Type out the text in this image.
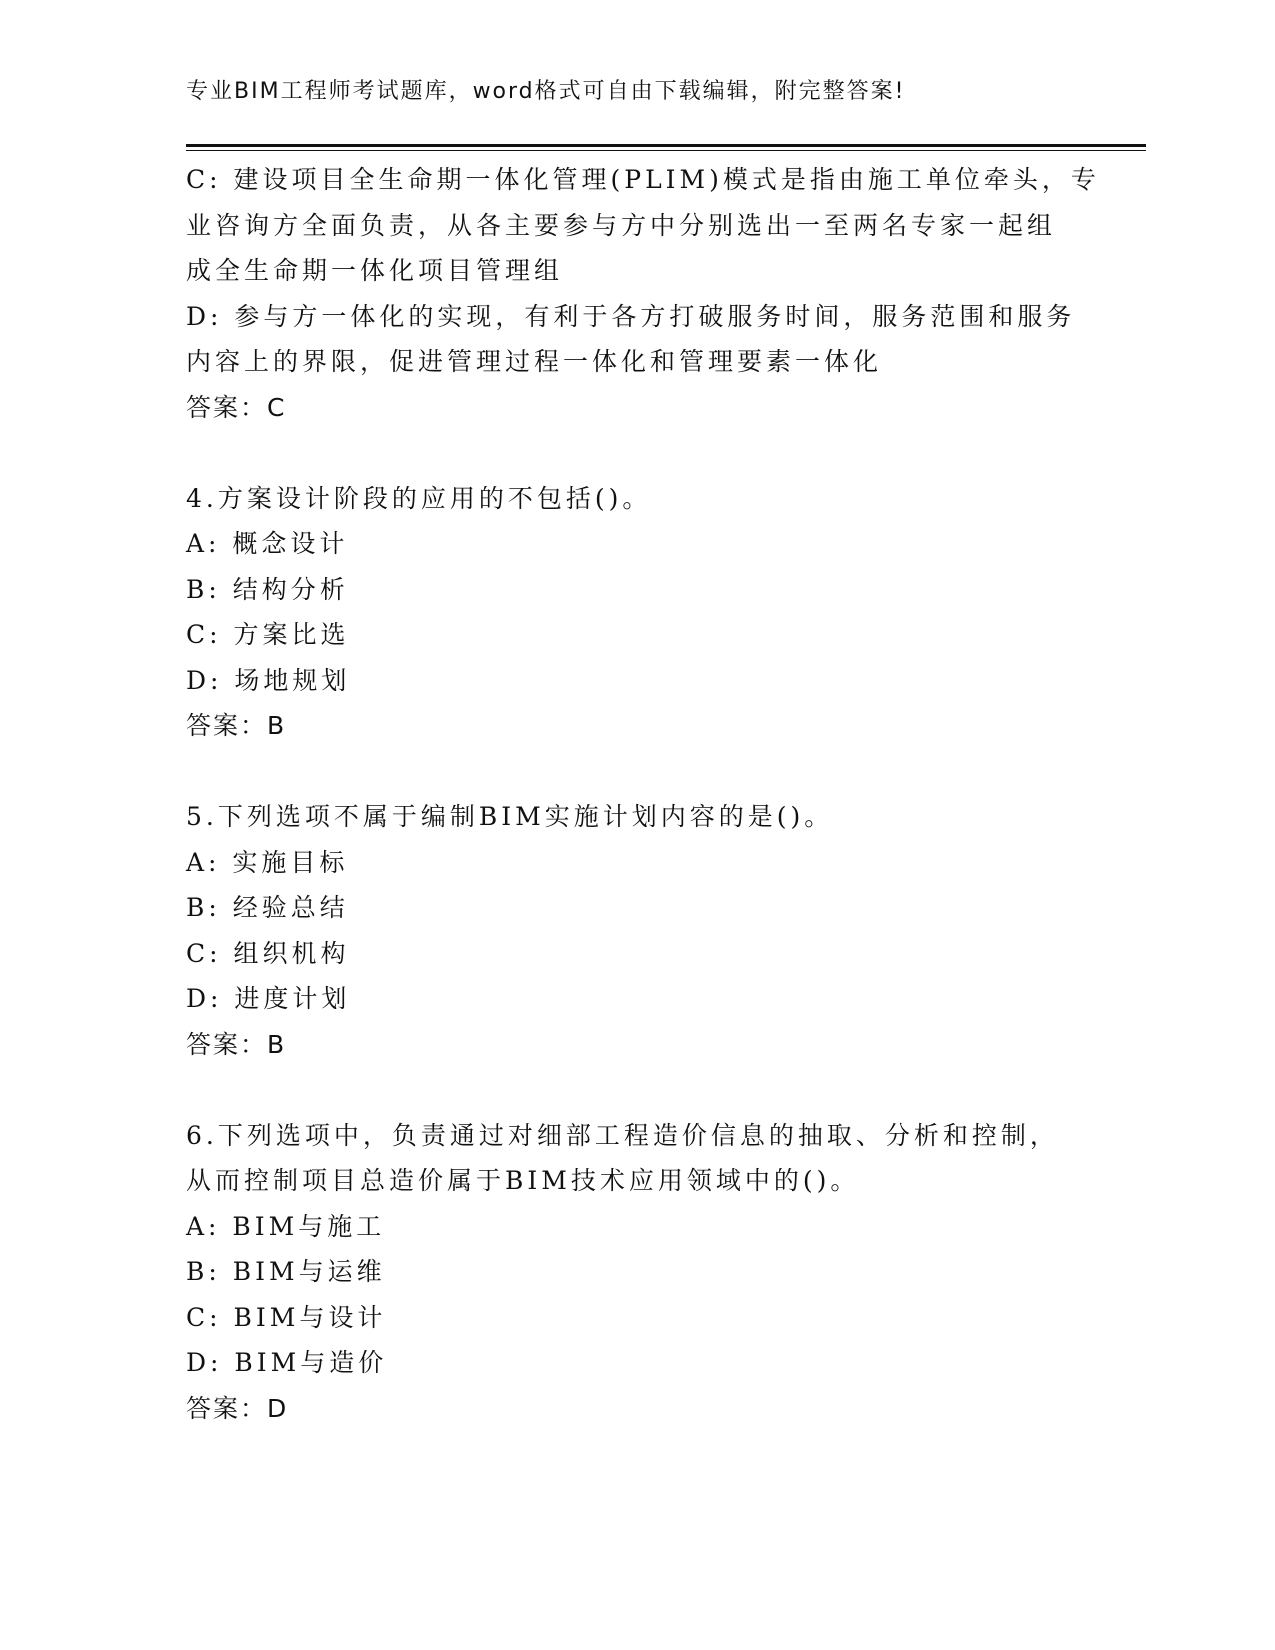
专业BIM工程师考试题库，word格式可自由下载编辑，附完整答案!
C: 建设项目全生命期一体化管理(PLIM)模式是指由施工单位牵头，专
业咨询方全面负责，从各主要参与方中分别选出一至两名专家一起组
成全生命期一体化项目管理组
D: 参与方一体化的实现，有利于各方打破服务时间，服务范围和服务
内容上的界限，促进管理过程一体化和管理要素一体化
答案：C
4.方案设计阶段的应用的不包括()。
A: 概念设计
B: 结构分析
C: 方案比选
D: 场地规划
答案：B
5.下列选项不属于编制BIM实施计划内容的是()。
A: 实施目标
B: 经验总结
C: 组织机构
D: 进度计划
答案：B
6.下列选项中，负责通过对细部工程造价信息的抽取、分析和控制，
从而控制项目总造价属于BIM技术应用领域中的()。
A: BIM与施工
B: BIM与运维
C: BIM与设计
D: BIM与造价
答案：D
